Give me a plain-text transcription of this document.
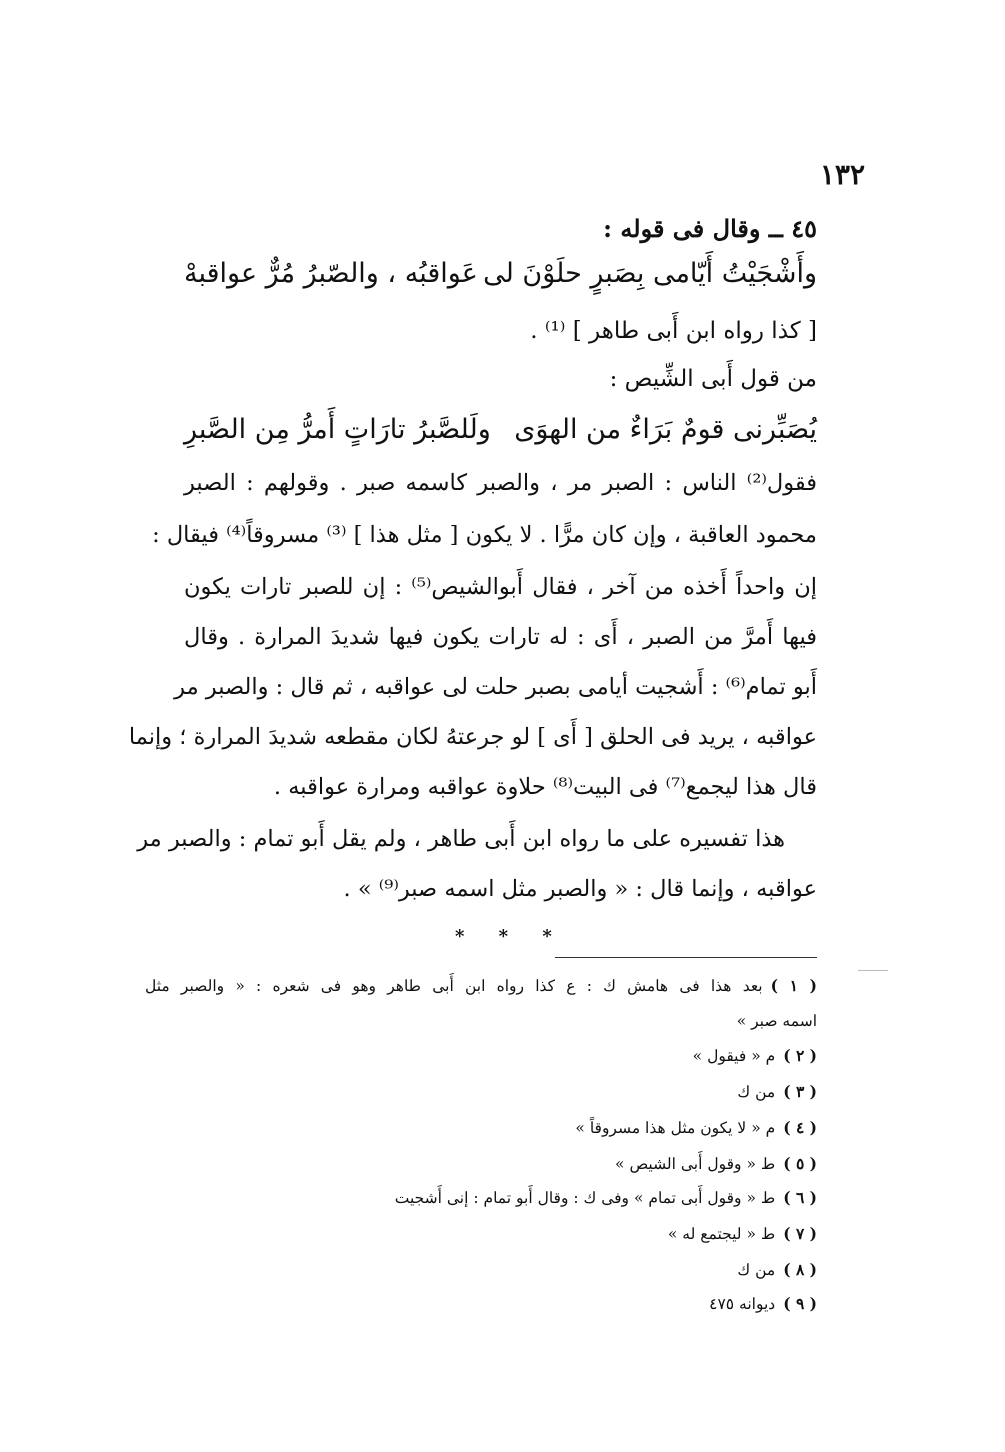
١٣٢
٤٥ ــ وقال فى قوله :
وأَشْجَيْتُ أَيّامى بِصَبرٍ حلَوْنَ لى
عَواقبُه ، والصّبرُ مُرٌّ عواقبهْ
[ كذا رواه ابن أَبى طاهر ] ⁽¹⁾ .
من قول أَبى الشِّيص :
يُصَبِّرنى قومٌ بَرَاءٌ من الهوَى
ولَلصَّبرُ تارَاتٍ أَمرُّ مِن الصَّبرِ
فقول⁽²⁾ الناس : الصبر مر ، والصبر كاسمه صبر . وقولهم : الصبر
محمود العاقبة ، وإن كان مرًّا . لا يكون [ مثل هذا ] ⁽³⁾ مسروقاً⁽⁴⁾ فيقال :
إن واحداً أَخذه من آخر ، فقال أَبوالشيص⁽⁵⁾ : إن للصبر تارات يكون
فيها أَمرَّ من الصبر ، أَى : له تارات يكون فيها شديدَ المرارة . وقال
أَبو تمام⁽⁶⁾ : أَشجيت أيامى بصبر حلت لى عواقبه ، ثم قال : والصبر مر
عواقبه ، يريد فى الحلق [ أَى ] لو جرعتهُ لكان مقطعه شديدَ المرارة ؛ وإنما
قال هذا ليجمع⁽⁷⁾ فى البيت⁽⁸⁾ حلاوة عواقبه ومرارة عواقبه .
هذا تفسيره على ما رواه ابن أَبى طاهر ، ولم يقل أَبو تمام : والصبر مر
عواقبه ، وإنما قال : « والصبر مثل اسمه صبر⁽⁹⁾ » .
* * *
( ١ )بعد هذا فى هامش ك : ع كذا رواه ابن أَبى طاهر وهو فى شعره : « والصبر مثل
اسمه صبر »
( ٢ )م « فيقول »
( ٣ )من ك
( ٤ )م « لا يكون مثل هذا مسروقاً »
( ٥ )ط « وقول أَبى الشيص »
( ٦ )ط « وقول أَبى تمام » وفى ك : وقال أَبو تمام : إنى أَشجيت
( ٧ )ط « ليجتمع له »
( ٨ )من ك
( ٩ )ديوانه ٤٧٥
